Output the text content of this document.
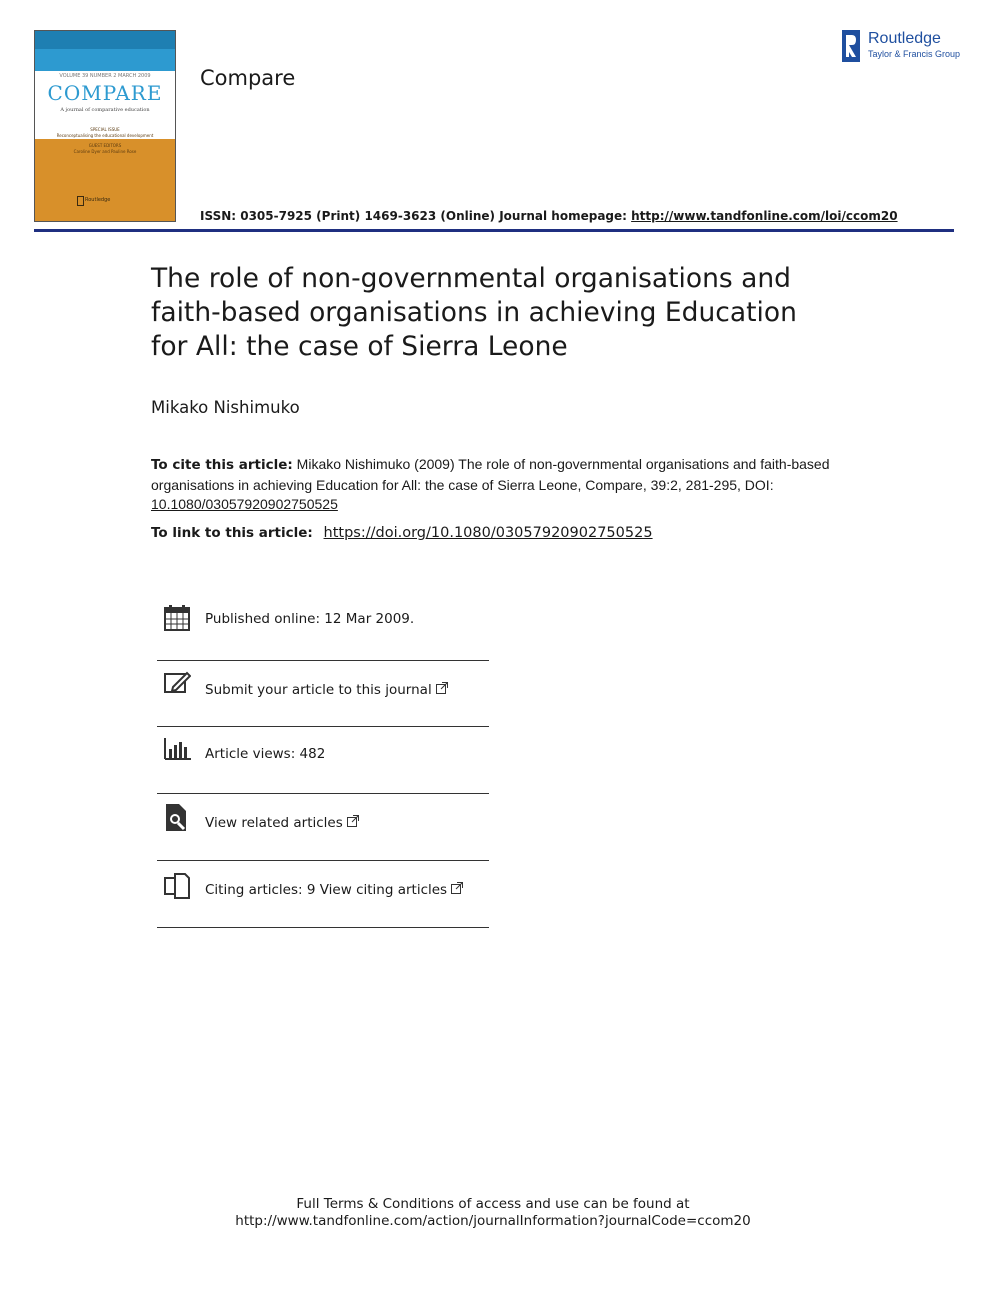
VOLUME 39 NUMBER 2 MARCH 2009
COMPARE
A journal of comparative education
SPECIAL ISSUE
Reconceptualising the educational development
GUEST EDITORS
Caroline Dyer and Pauline Rose
Routledge
Compare
Routledge
Taylor & Francis Group
ISSN: 0305-7925 (Print) 1469-3623 (Online) Journal homepage: http://www.tandfonline.com/loi/ccom20
The role of non-governmental organisations and faith-based organisations in achieving Education for All: the case of Sierra Leone
Mikako Nishimuko
To cite this article: Mikako Nishimuko (2009) The role of non-governmental organisations and faith-based organisations in achieving Education for All: the case of Sierra Leone, Compare, 39:2, 281-295, DOI: 10.1080/03057920902750525
To link to this article: https://doi.org/10.1080/03057920902750525
Published online: 12 Mar 2009.
Submit your article to this journal
Article views: 482
View related articles
Citing articles: 9 View citing articles
Full Terms & Conditions of access and use can be found at
http://www.tandfonline.com/action/journalInformation?journalCode=ccom20
